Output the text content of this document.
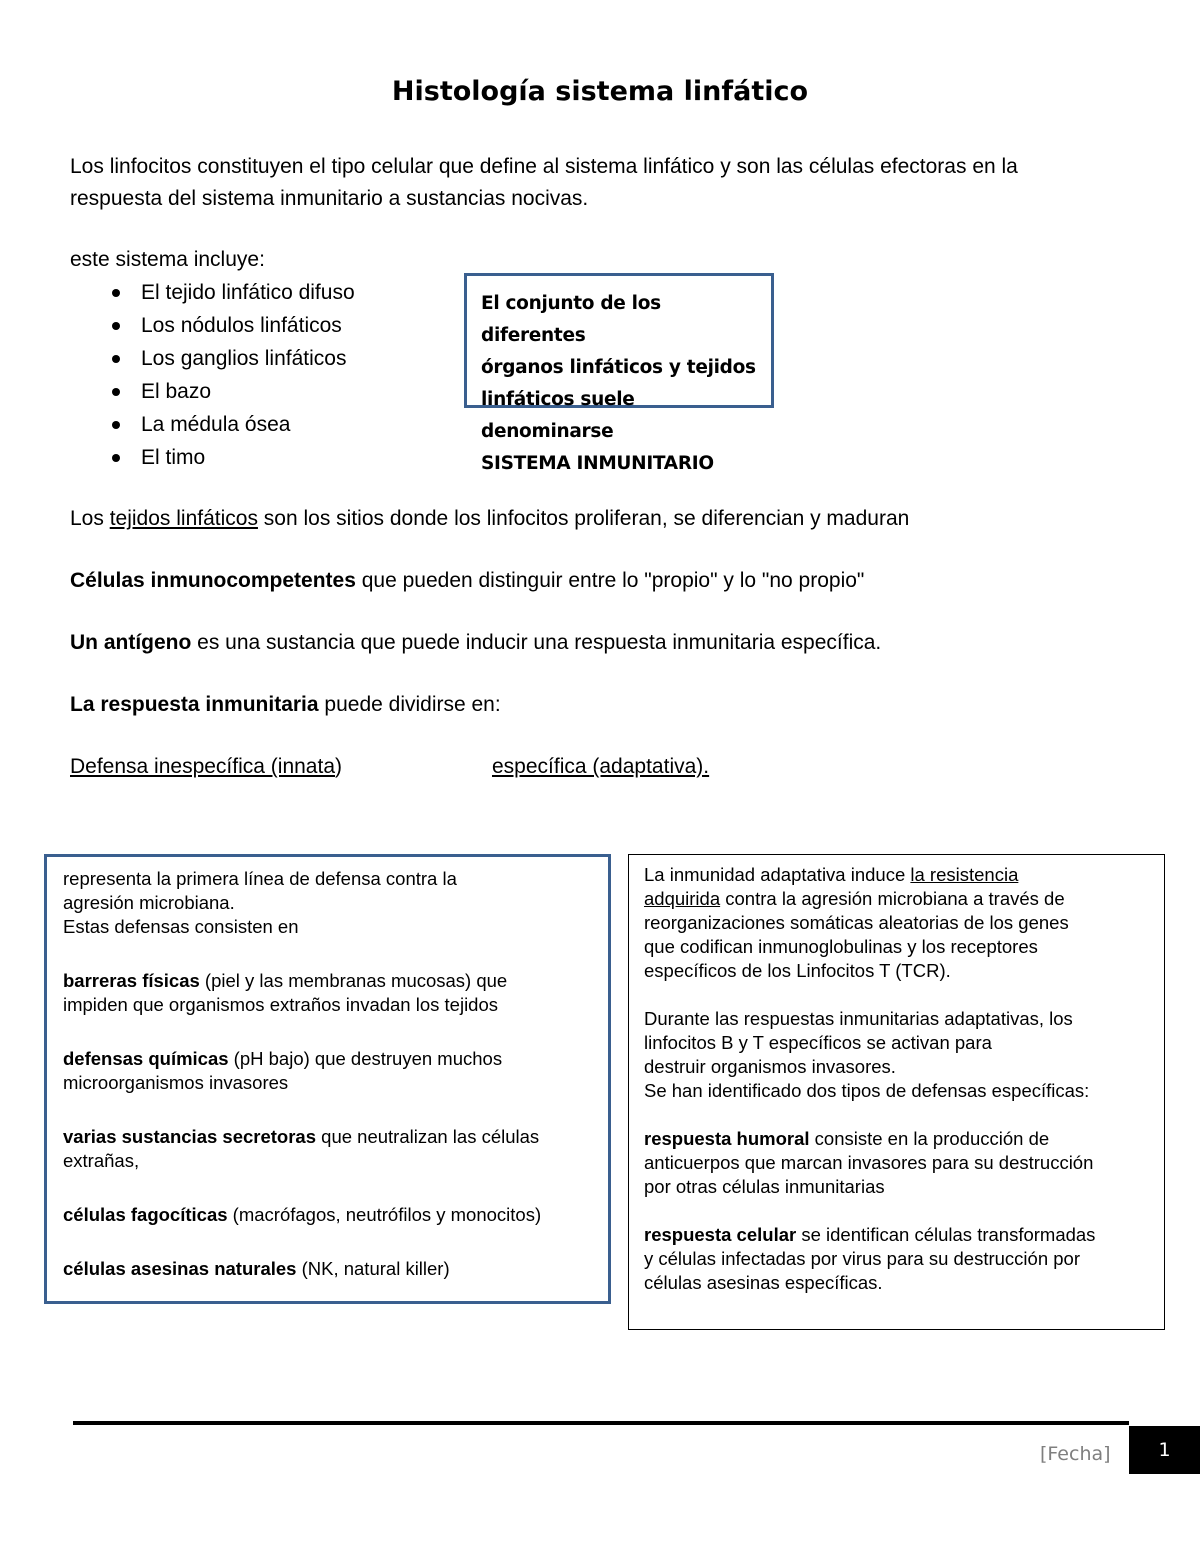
Histología sistema linfático
Los linfocitos constituyen el tipo celular que define al sistema linfático y son las células efectoras en la
respuesta del sistema inmunitario a sustancias nocivas.
este sistema incluye:
El tejido linfático difuso
Los nódulos linfáticos
Los ganglios linfáticos
El bazo
La médula ósea
El timo
El conjunto de los diferentes
órganos linfáticos y tejidos
linfáticos suele denominarse
SISTEMA INMUNITARIO
Los tejidos linfáticos son los sitios donde los linfocitos proliferan, se diferencian y maduran
Células inmunocompetentes que pueden distinguir entre lo "propio" y lo "no propio"
Un antígeno es una sustancia que puede inducir una respuesta inmunitaria específica.
La respuesta inmunitaria puede dividirse en:
Defensa inespecífica (innata)	específica (adaptativa).
representa la primera línea de defensa contra la
agresión microbiana.
Estas defensas consisten en
barreras físicas (piel y las membranas mucosas) que
impiden que organismos extraños invadan los tejidos
defensas químicas (pH bajo) que destruyen muchos
microorganismos invasores
varias sustancias secretoras que neutralizan las células
extrañas,
células fagocíticas (macrófagos, neutrófilos y monocitos)
células asesinas naturales (NK, natural killer)
La inmunidad adaptativa induce la resistencia
adquirida contra la agresión microbiana a través de
reorganizaciones somáticas aleatorias de los genes
que codifican inmunoglobulinas y los receptores
específicos de los Linfocitos T (TCR).
Durante las respuestas inmunitarias adaptativas, los
linfocitos B y T específicos se activan para
destruir organismos invasores.
Se han identificado dos tipos de defensas específicas:
respuesta humoral consiste en la producción de
anticuerpos que marcan invasores para su destrucción
por otras células inmunitarias
respuesta celular se identifican células transformadas
y células infectadas por virus para su destrucción por
células asesinas específicas.
[Fecha]	1
